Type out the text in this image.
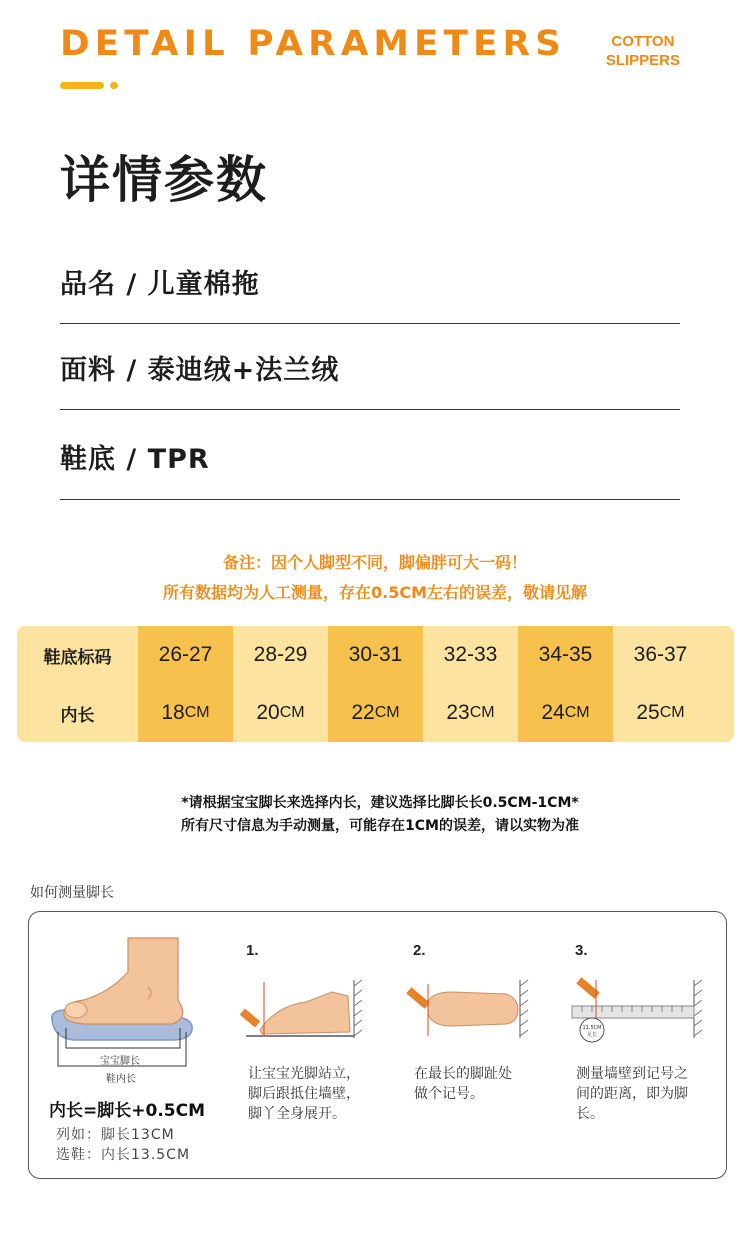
DETAIL PARAMETERS	COTTON
SLIPPERS
详情参数
品名 / 儿童棉拖
面料 / 泰迪绒+法兰绒
鞋底 / TPR
备注：因个人脚型不同，脚偏胖可大一码！
所有数据均为人工测量，存在0.5CM左右的误差，敬请见解
鞋底标码
内长
26-27
18 CM
28-29
20 CM
30-31
22 CM
32-33
23 CM
34-35
24 CM
36-37
25 CM
*请根据宝宝脚长来选择内长，建议选择比脚长长0.5CM-1CM*
所有尺寸信息为手动测量，可能存在1CM的误差，请以实物为准
如何测量脚长
宝宝脚长
鞋内长
内长=脚长+0.5CM
列如：脚长13CM
选鞋：内长13.5CM
1.
让宝宝光脚站立，
脚后跟抵住墙壁，
脚丫全身展开。
2.
在最长的脚趾处
做个记号。
3.
11.5CM
足长
测量墙壁到记号之
间的距离，即为脚
长。
